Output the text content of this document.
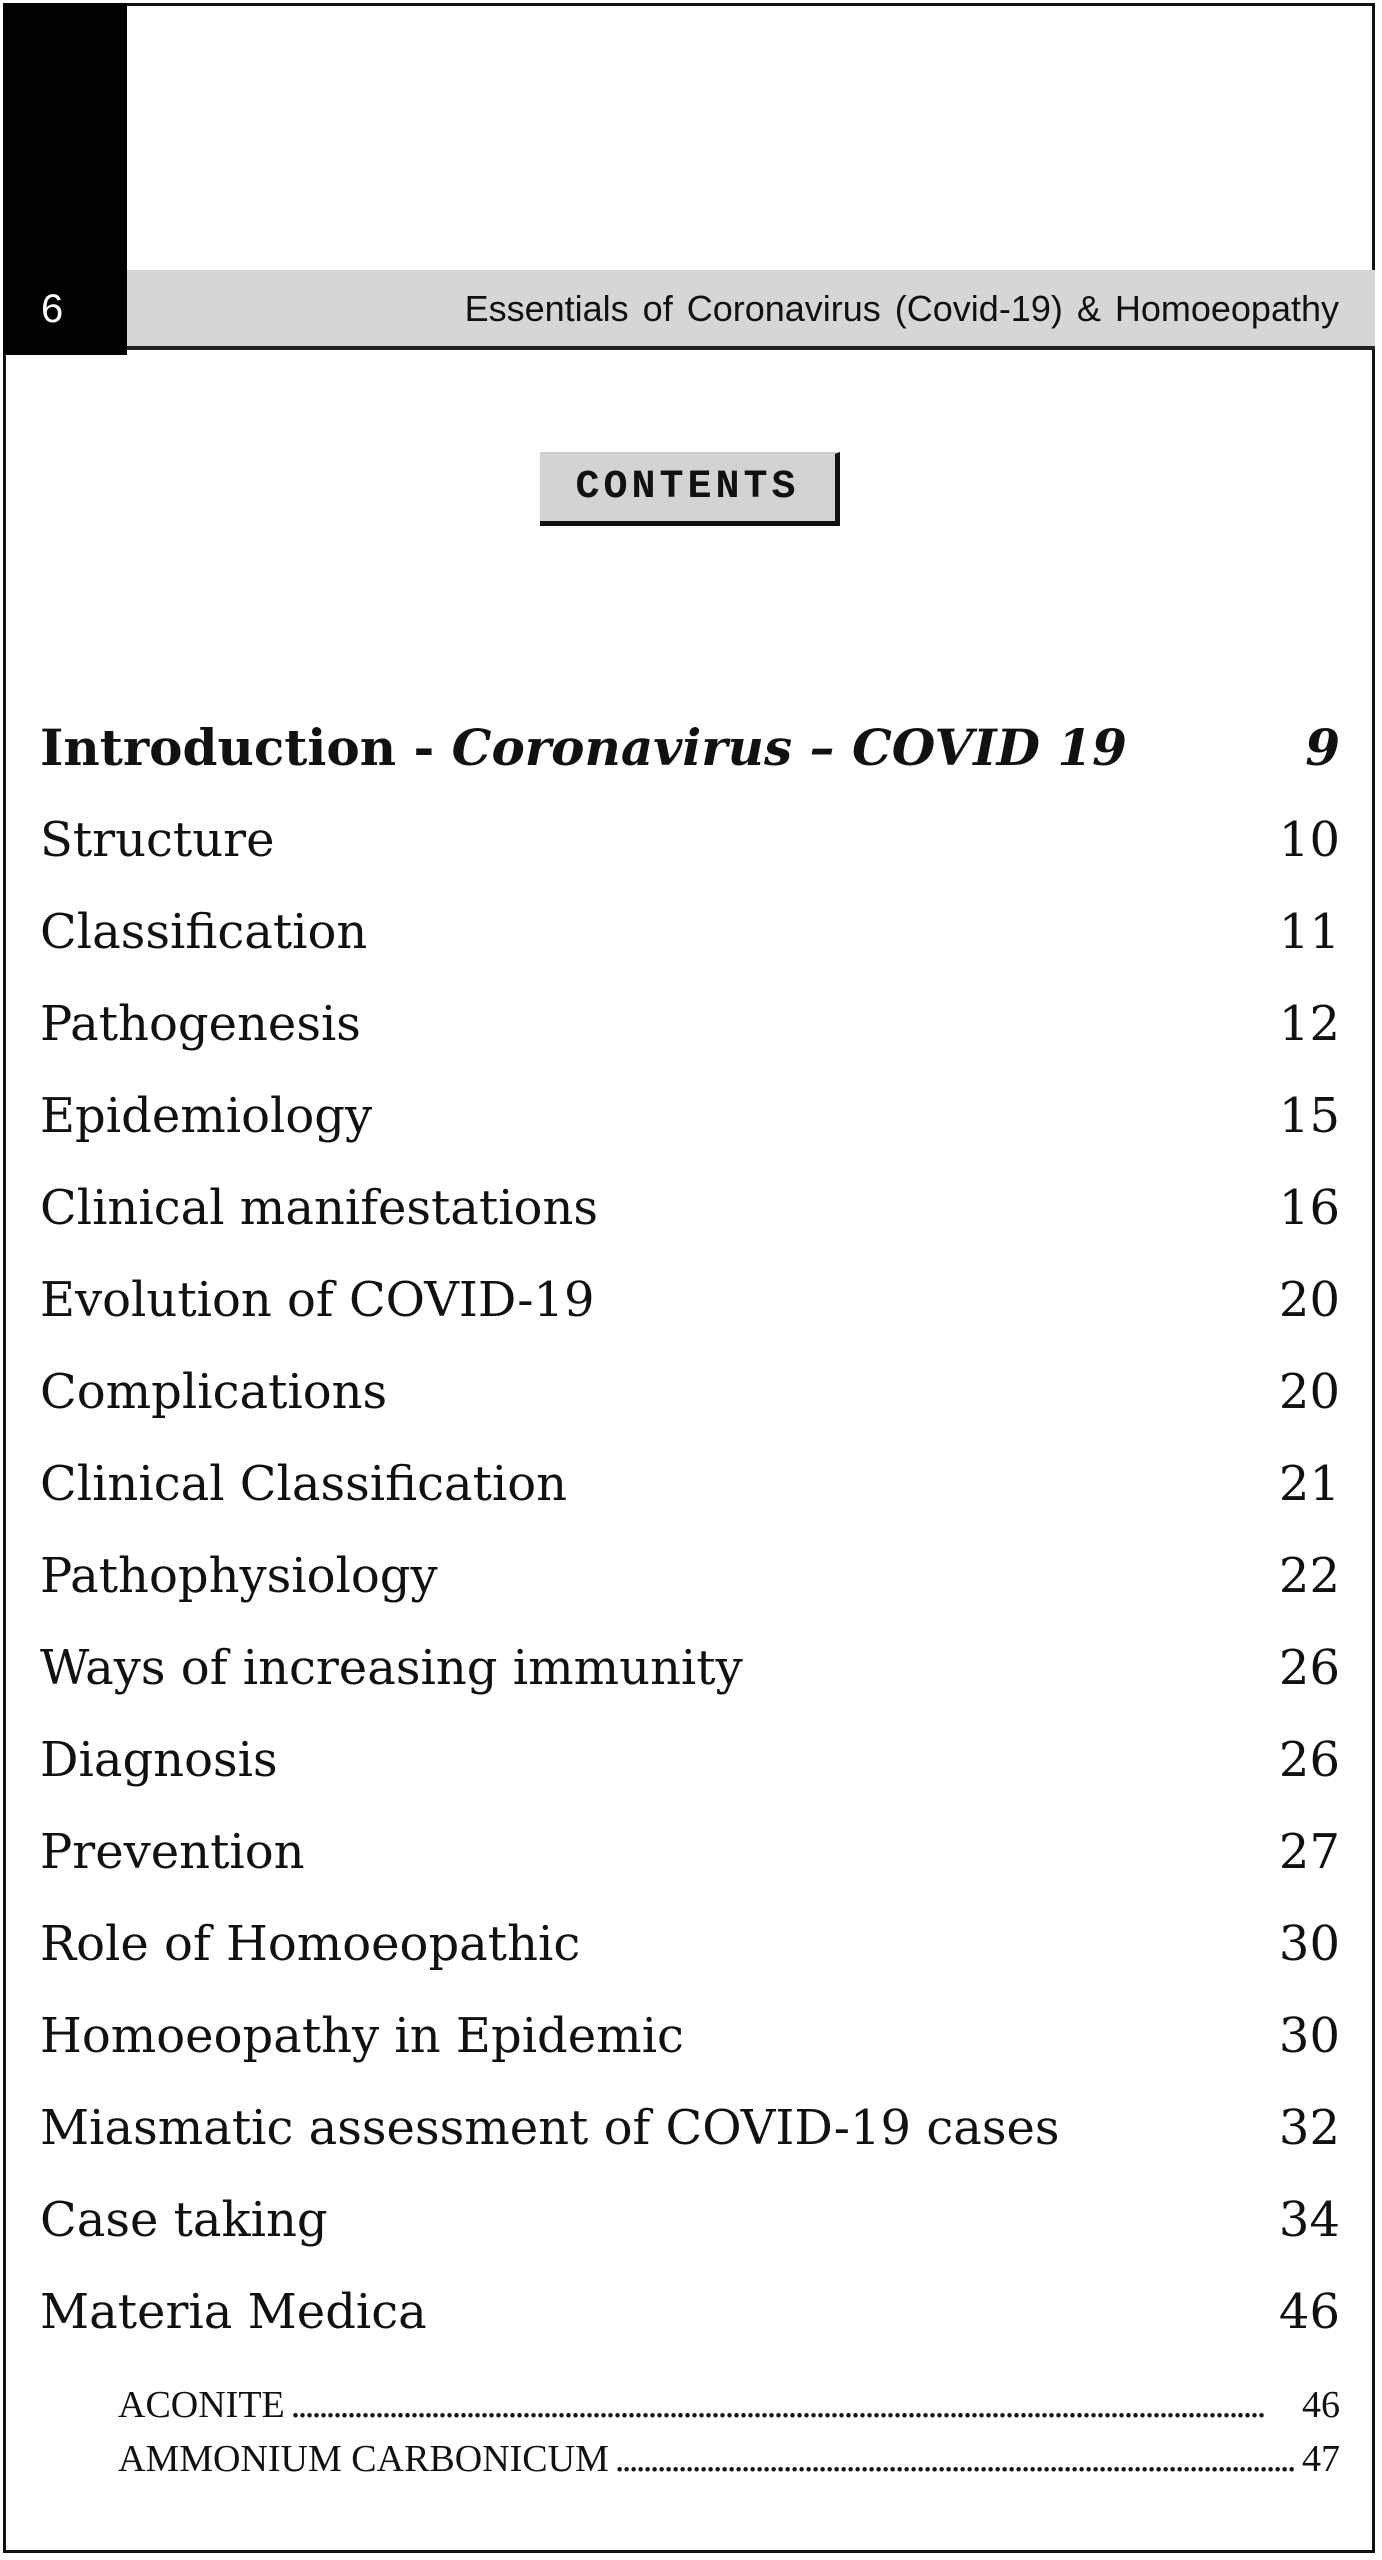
6	Essentials of Coronavirus (Covid-19) & Homoeopathy
CONTENTS
Introduction - Coronavirus – COVID 19	9
Structure	10
Classification	11
Pathogenesis	12
Epidemiology	15
Clinical manifestations	16
Evolution of COVID-19	20
Complications	20
Clinical Classification	21
Pathophysiology	22
Ways of increasing immunity	26
Diagnosis	26
Prevention	27
Role of Homoeopathic	30
Homoeopathy in Epidemic	30
Miasmatic assessment of COVID-19 cases	32
Case taking	34
Materia Medica	46
ACONITE . . .	46
AMMONIUM CARBONICUM . . .	47
